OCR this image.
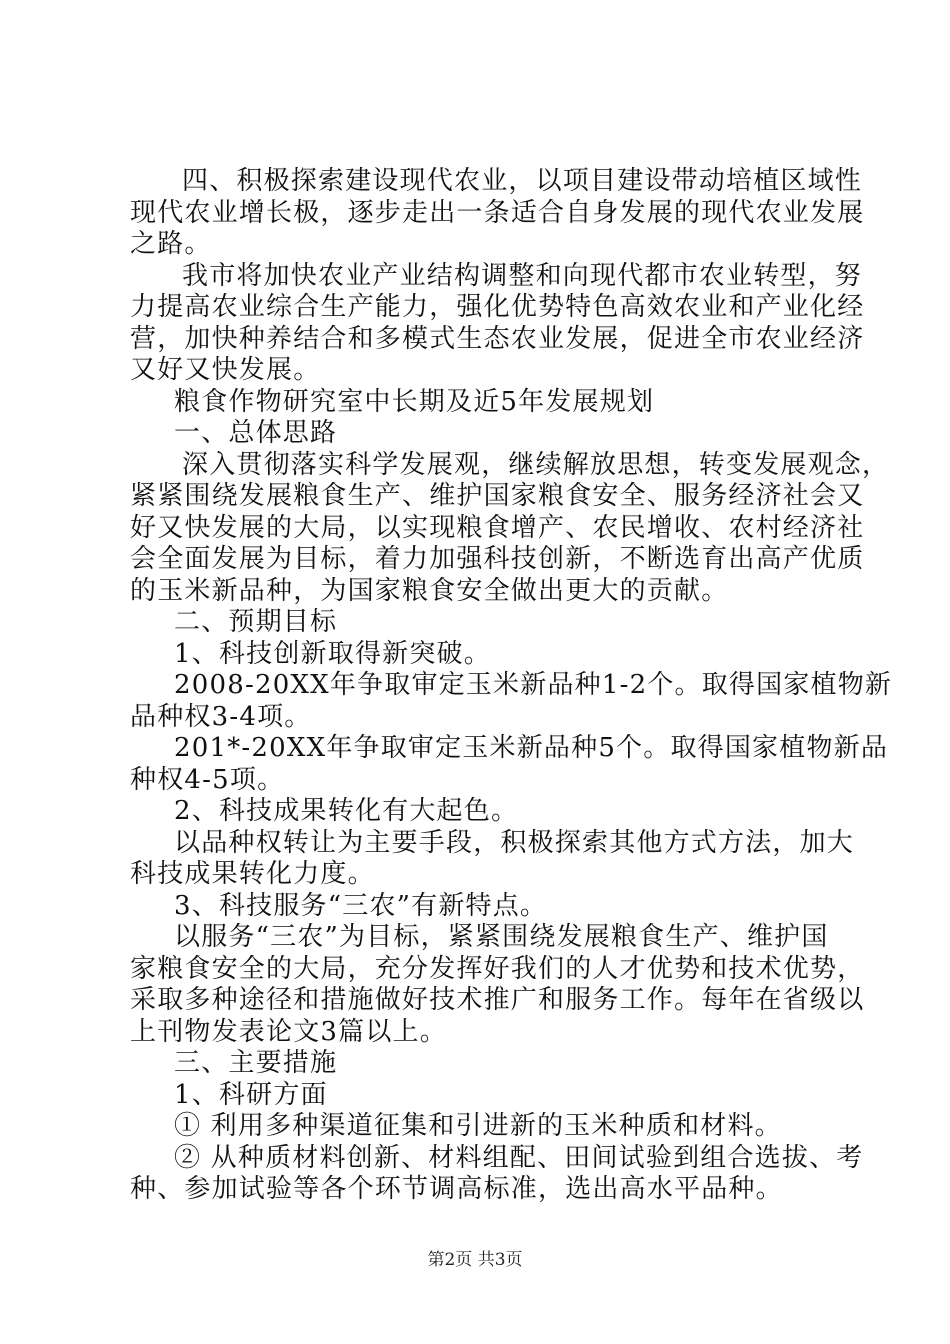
四、积极探索建设现代农业，以项目建设带动培植区域性
现代农业增长极，逐步走出一条适合自身发展的现代农业发展
之路。
我市将加快农业产业结构调整和向现代都市农业转型，努
力提高农业综合生产能力，强化优势特色高效农业和产业化经
营，加快种养结合和多模式生态农业发展，促进全市农业经济
又好又快发展。
粮食作物研究室中长期及近5年发展规划
一、总体思路
深入贯彻落实科学发展观，继续解放思想，转变发展观念，
紧紧围绕发展粮食生产、维护国家粮食安全、服务经济社会又
好又快发展的大局，以实现粮食增产、农民增收、农村经济社
会全面发展为目标，着力加强科技创新，不断选育出高产优质
的玉米新品种，为国家粮食安全做出更大的贡献。
二、预期目标
1、科技创新取得新突破。
2008-20XX年争取审定玉米新品种1-2个。取得国家植物新
品种权3-4项。
201*-20XX年争取审定玉米新品种5个。取得国家植物新品
种权4-5项。
2、科技成果转化有大起色。
以品种权转让为主要手段，积极探索其他方式方法，加大
科技成果转化力度。
3、科技服务“三农”有新特点。
以服务“三农”为目标，紧紧围绕发展粮食生产、维护国
家粮食安全的大局，充分发挥好我们的人才优势和技术优势，
采取多种途径和措施做好技术推广和服务工作。每年在省级以
上刊物发表论文3篇以上。
三、主要措施
1、科研方面
① 利用多种渠道征集和引进新的玉米种质和材料。
② 从种质材料创新、材料组配、田间试验到组合选拔、考
种、参加试验等各个环节调高标准，选出高水平品种。
第2页 共3页
